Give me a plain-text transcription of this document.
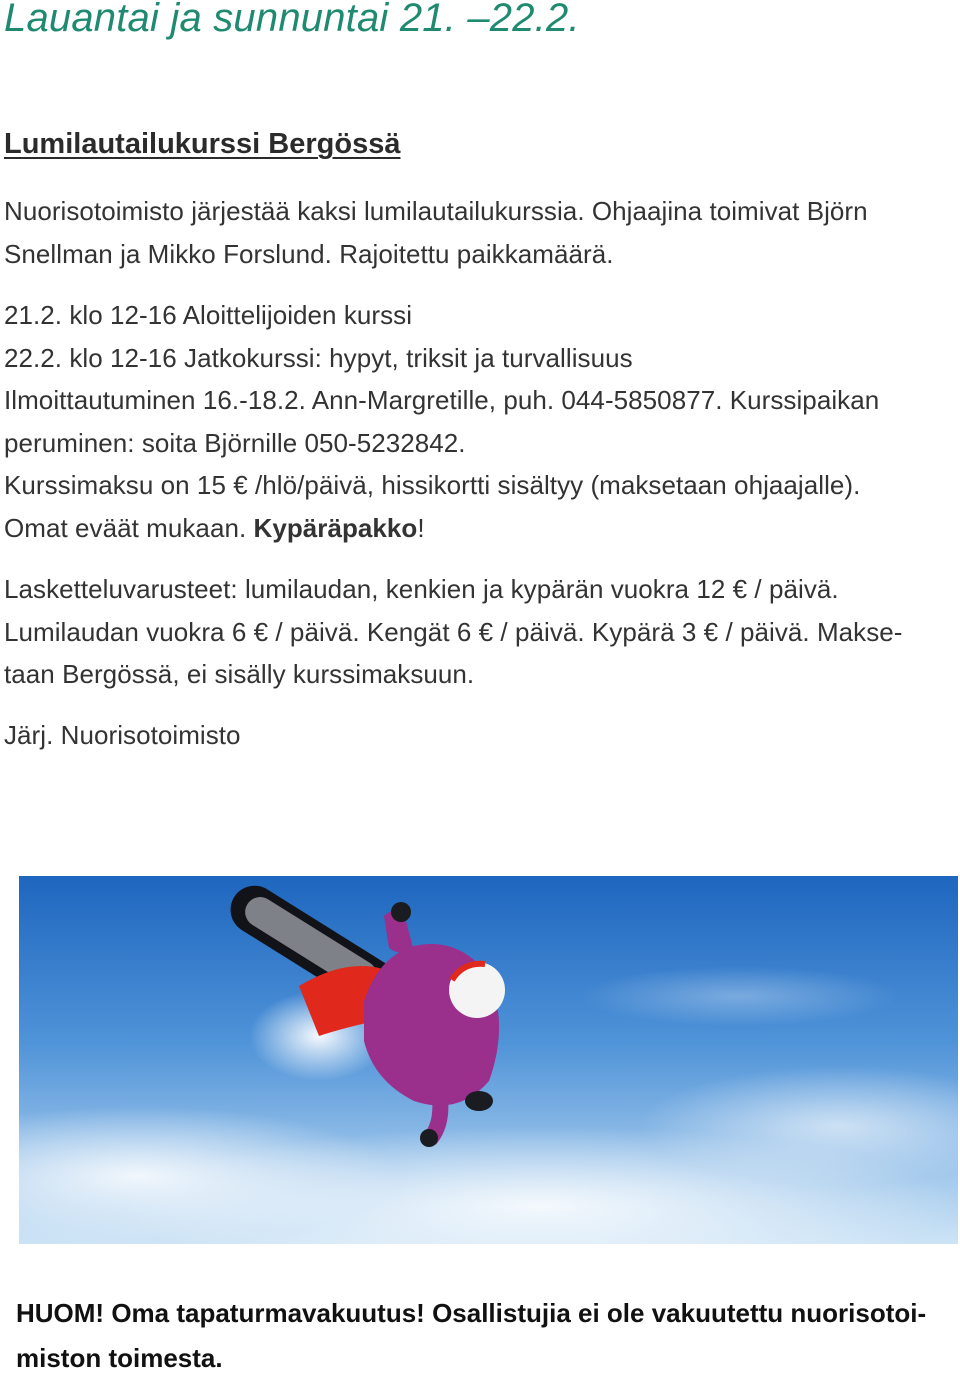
Lauantai ja sunnuntai 21. –22.2.
Lumilautailukurssi Bergössä
Nuorisotoimisto järjestää kaksi lumilautailukurssia. Ohjaajina toimivat Björn
Snellman ja Mikko Forslund. Rajoitettu paikkamäärä.
21.2. klo 12-16 Aloittelijoiden kurssi
22.2. klo 12-16 Jatkokurssi: hypyt, triksit ja turvallisuus
Ilmoittautuminen 16.-18.2. Ann-Margretille, puh. 044-5850877. Kurssipaikan
peruminen: soita Björnille 050-5232842.
Kurssimaksu on 15 € /hlö/päivä, hissikortti sisältyy (maksetaan ohjaajalle).
Omat eväät mukaan. Kypäräpakko!
Lasketteluvarusteet: lumilaudan, kenkien ja kypärän vuokra 12 € / päivä.
Lumilaudan vuokra 6 € / päivä. Kengät 6 € / päivä. Kypärä 3 € / päivä. Makse-
taan Bergössä, ei sisälly kurssimaksuun.
Järj. Nuorisotoimisto
HUOM! Oma tapaturmavakuutus! Osallistujia ei ole vakuutettu nuorisotoi-
miston toimesta.
